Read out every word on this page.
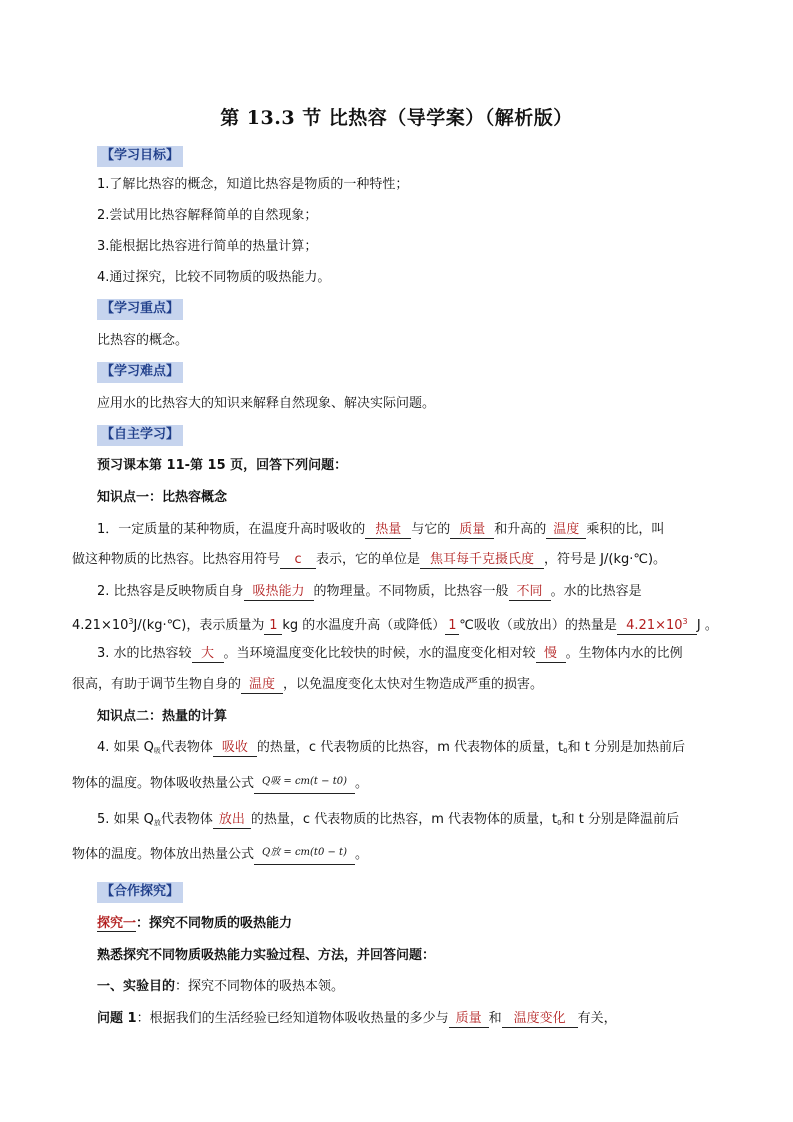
第 13.3 节 比热容（导学案）（解析版）
【学习目标】
1.了解比热容的概念，知道比热容是物质的一种特性；
2.尝试用比热容解释简单的自然现象；
3.能根据比热容进行简单的热量计算；
4.通过探究，比较不同物质的吸热能力。
【学习重点】
比热容的概念。
【学习难点】
应用水的比热容大的知识来解释自然现象、解决实际问题。
【自主学习】
预习课本第 11-第 15 页，回答下列问题：
知识点一：比热容概念
1．一定质量的某种物质，在温度升高时吸收的 热量 与它的 质量 和升高的 温度 乘积的比，叫
做这种物质的比热容。比热容用符号 c 表示，它的单位是 焦耳每千克摄氏度 ，符号是 J/(kg·℃)。
2. 比热容是反映物质自身 吸热能力 的物理量。不同物质，比热容一般 不同 。水的比热容是
$4.21\times 10^3J/(kg\cdot℃)$，表示质量为 1 kg 的水温度升高（或降低） 1 ℃吸收（或放出）的热量是 $4.21\times 10^3$ J 。
3. 水的比热容较 大 。当环境温度变化比较快的时候，水的温度变化相对较 慢 。生物体内水的比例
很高，有助于调节生物自身的 温度 ，以免温度变化太快对生物造成严重的损害。
知识点二：热量的计算
4. 如果 $Q_吸$代表物体 吸收 的热量，c 代表物质的比热容，m 代表物体的质量，$t_0$和 t 分别是加热前后
物体的温度。物体吸收热量公式 Q吸 = cm(t − t0) 。
5. 如果 $Q_放$代表物体 放出 的热量，c 代表物质的比热容，m 代表物体的质量，$t_0$和 t 分别是降温前后
物体的温度。物体放出热量公式 Q放 = cm(t0 − t) 。
【合作探究】
探究一：探究不同物质的吸热能力
熟悉探究不同物质吸热能力实验过程、方法，并回答问题：
一、实验目的：探究不同物体的吸热本领。
问题 1：根据我们的生活经验已经知道物体吸收热量的多少与 质量 和 温度变化 有关，
